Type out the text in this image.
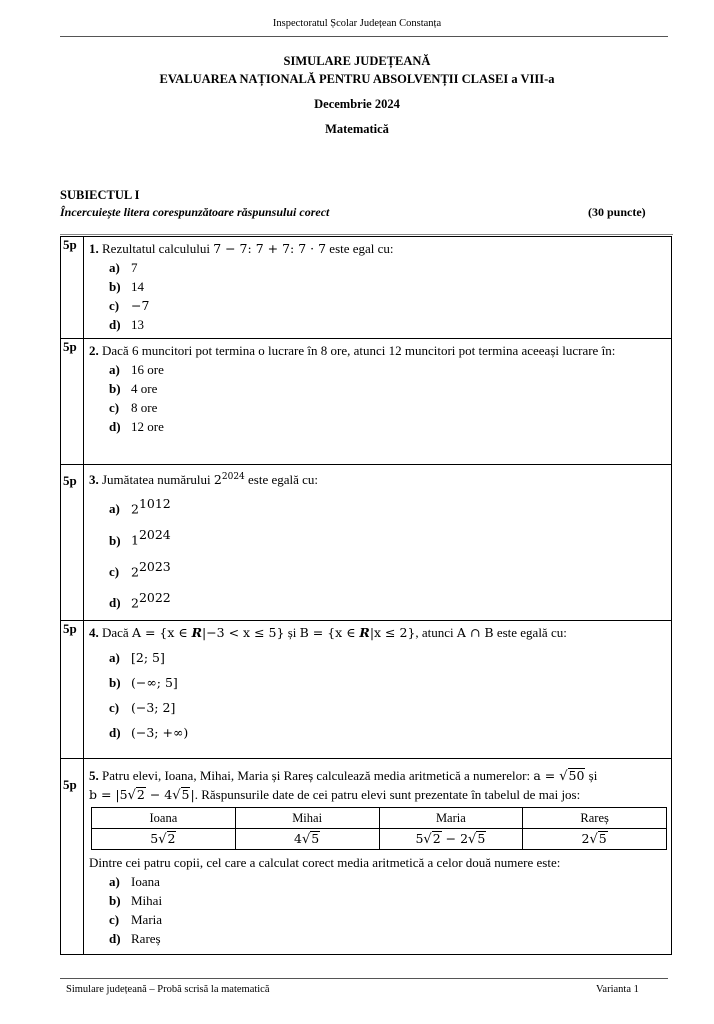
Inspectoratul Școlar Județean Constanța
SIMULARE JUDEȚEANĂ
EVALUAREA NAȚIONALĂ PENTRU ABSOLVENȚII CLASEI a VIII-a
Decembrie 2024
Matematică
SUBIECTUL I
Încercuiește litera corespunzătoare răspunsului corect	(30 puncte)
5p	1. Rezultatul calculului 7 − 7: 7 + 7: 7 · 7 este egal cu:
a) 7
b) 14
c) −7
d) 13

5p	2. Dacă 6 muncitori pot termina o lucrare în 8 ore, atunci 12 muncitori pot termina aceeași lucrare în:
a) 16 ore
b) 4 ore
c) 8 ore
d) 12 ore

5p	3. Jumătatea numărului $2^{2024}$ este egală cu:
a) $2^{1012}$
b) $1^{2024}$
c) $2^{2023}$
d) $2^{2022}$

5p	4. Dacă A = {x ∈ R|−3 < x ≤ 5} și B = {x ∈ R|x ≤ 2}, atunci A ∩ B este egală cu:
a) [2; 5]
b) (−∞; 5]
c) (−3; 2]
d) (−3; +∞)

5p	
5. Patru elevi, Ioana, Mihai, Maria și Rareș calculează media aritmetică a numerelor: a = √50 și
b = |5√2 − 4√5|. Răspunsurile date de cei patru elevi sunt prezentate în tabelul de mai jos:
Ioana	Mihai	Maria	Rareș
5√2	4√5	5√2 − 2√5	2√5
Dintre cei patru copii, cel care a calculat corect media aritmetică a celor două numere este:
a) Ioana
b) Mihai
c) Maria
d) Rareș
Simulare județeană – Probă scrisă la matematică	Varianta 1
